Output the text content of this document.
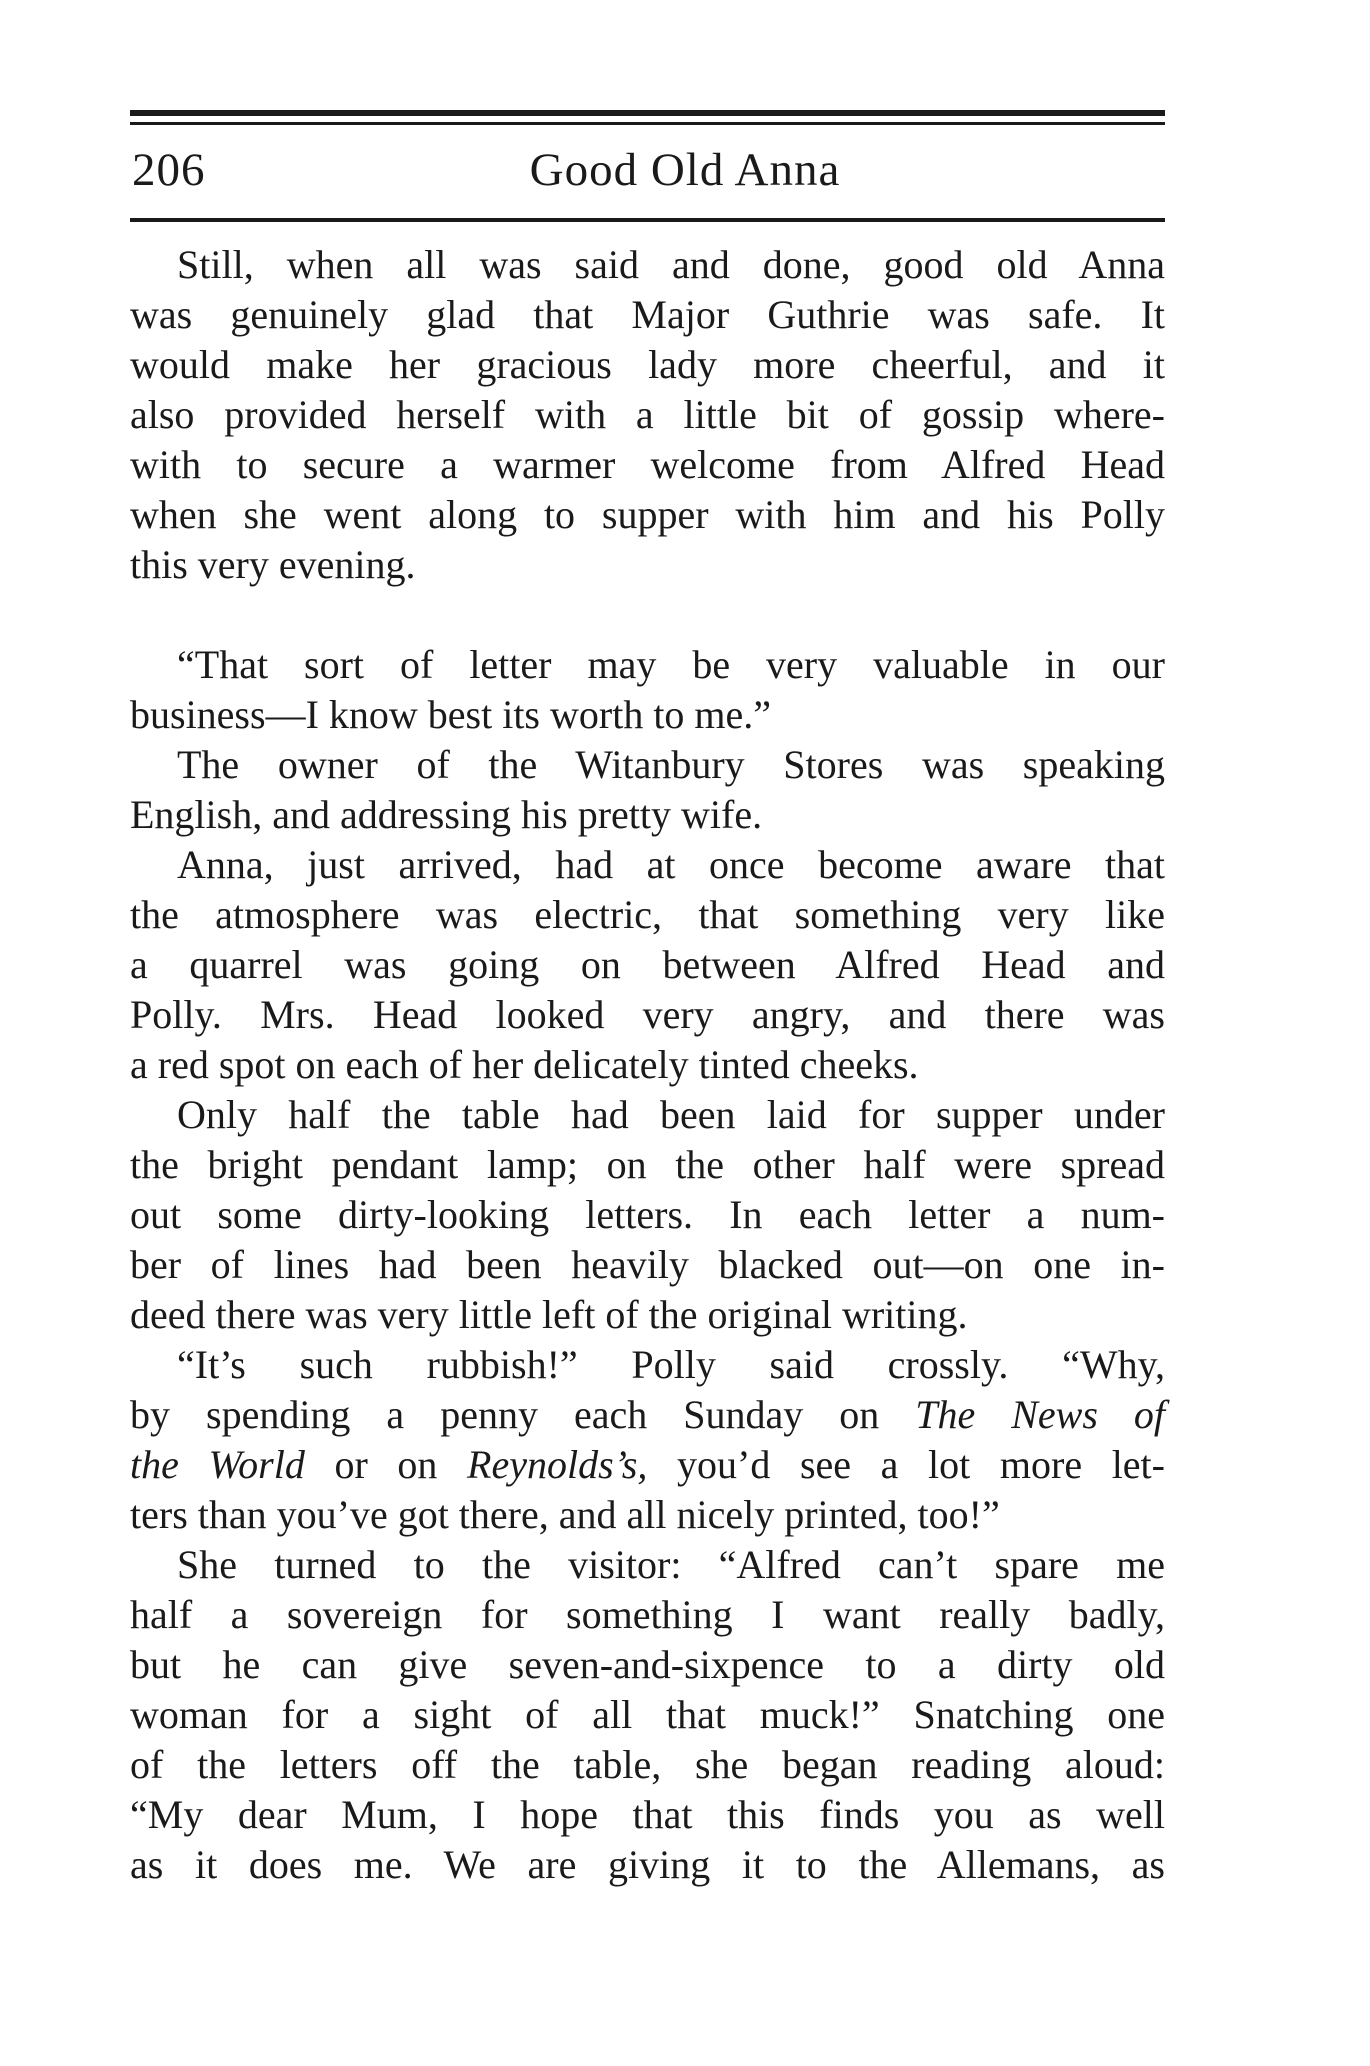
206	Good Old Anna
Still, when all was said and done, good old Anna
was genuinely glad that Major Guthrie was safe. It
would make her gracious lady more cheerful, and it
also provided herself with a little bit of gossip where-
with to secure a warmer welcome from Alfred Head
when she went along to supper with him and his Polly
this very evening.
“That sort of letter may be very valuable in our
business—I know best its worth to me.”
The owner of the Witanbury Stores was speaking
English, and addressing his pretty wife.
Anna, just arrived, had at once become aware that
the atmosphere was electric, that something very like
a quarrel was going on between Alfred Head and
Polly. Mrs. Head looked very angry, and there was
a red spot on each of her delicately tinted cheeks.
Only half the table had been laid for supper under
the bright pendant lamp; on the other half were spread
out some dirty-looking letters. In each letter a num-
ber of lines had been heavily blacked out—on one in-
deed there was very little left of the original writing.
“It’s such rubbish!” Polly said crossly. “Why,
by spending a penny each Sunday on The News of
the World or on Reynolds’s, you’d see a lot more let-
ters than you’ve got there, and all nicely printed, too!”
She turned to the visitor: “Alfred can’t spare me
half a sovereign for something I want really badly,
but he can give seven-and-sixpence to a dirty old
woman for a sight of all that muck!” Snatching one
of the letters off the table, she began reading aloud:
“My dear Mum, I hope that this finds you as well
as it does me. We are giving it to the Allemans, as
